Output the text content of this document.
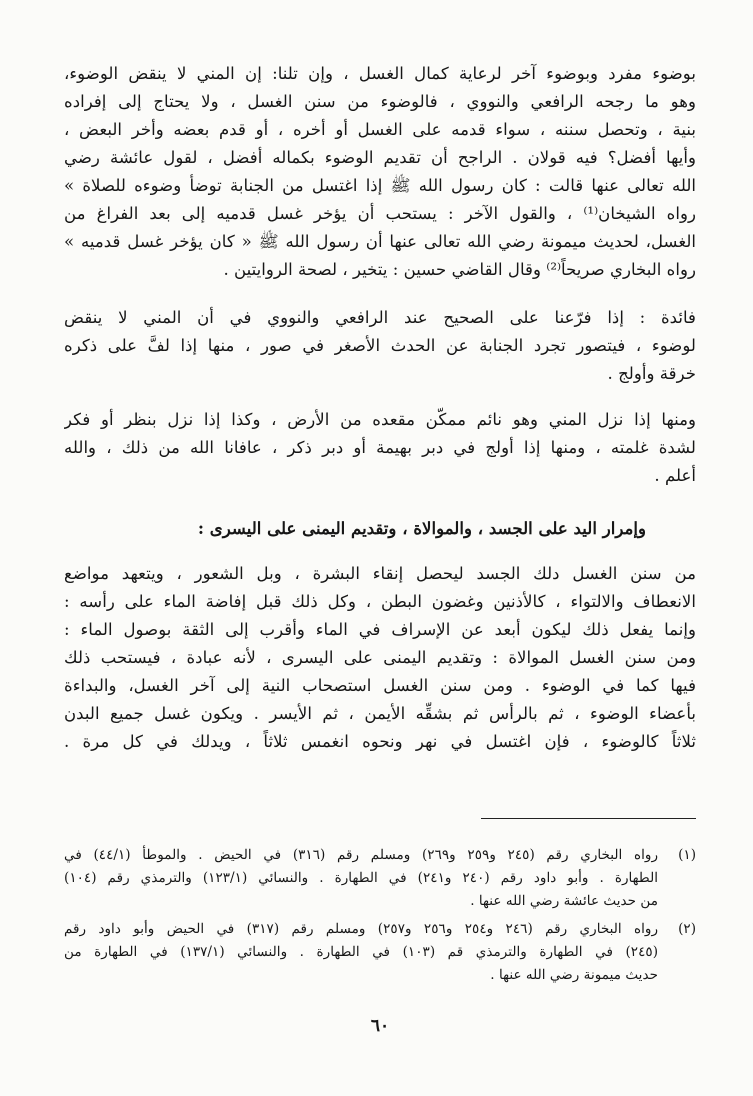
بوضوء مفرد وبوضوء آخر لرعاية كمال الغسل ، وإن تلنا: إن المني لا ينقض الوضوء،
وهو ما رجحه الرافعي والنووي ، فالوضوء من سنن الغسل ، ولا يحتاج إلى إفراده
بنية ، وتحصل سننه ، سواء قدمه على الغسل أو أخره ، أو قدم بعضه وأخر البعض ،
وأيها أفضل؟ فيه قولان . الراجح أن تقديم الوضوء بكماله أفضل ، لقول عائشة رضي
الله تعالى عنها قالت : كان رسول الله ﷺ إذا اغتسل من الجنابة توضأ وضوءه للصلاة »
رواه الشيخان⁽¹⁾ ، والقول الآخر : يستحب أن يؤخر غسل قدميه إلى بعد الفراغ من
الغسل، لحديث ميمونة رضي الله تعالى عنها أن رسول الله ﷺ « كان يؤخر غسل قدميه »
رواه البخاري صريحاً⁽²⁾ وقال القاضي حسين : يتخير ، لصحة الروايتين .
فائدة : إذا فرّعنا على الصحيح عند الرافعي والنووي في أن المني لا ينقض
لوضوء ، فيتصور تجرد الجنابة عن الحدث الأصغر في صور ، منها إذا لفَّ على ذكره
خرقة وأولج .
ومنها إذا نزل المني وهو نائم ممكّن مقعده من الأرض ، وكذا إذا نزل بنظر أو فكر
لشدة غلمته ، ومنها إذا أولج في دبر بهيمة أو دبر ذكر ، عافانا الله من ذلك ، والله
أعلم .
وإمرار اليد على الجسد ، والموالاة ، وتقديم اليمنى على اليسرى :
من سنن الغسل دلك الجسد ليحصل إنقاء البشرة ، وبل الشعور ، ويتعهد مواضع
الانعطاف والالتواء ، كالأذنين وغضون البطن ، وكل ذلك قبل إفاضة الماء على رأسه :
وإنما يفعل ذلك ليكون أبعد عن الإسراف في الماء وأقرب إلى الثقة بوصول الماء :
ومن سنن الغسل الموالاة : وتقديم اليمنى على اليسرى ، لأنه عبادة ، فيستحب ذلك
فيها كما في الوضوء . ومن سنن الغسل استصحاب النية إلى آخر الغسل، والبداءة
بأعضاء الوضوء ، ثم بالرأس ثم بشقِّه الأيمن ، ثم الأيسر . ويكون غسل جميع البدن
ثلاثاً كالوضوء ، فإن اغتسل في نهر ونحوه انغمس ثلاثاً ، ويدلك في كل مرة .
(١)
رواه البخاري رقم (٢٤٥ و٢٥٩ و٢٦٩) ومسلم رقم (٣١٦) في الحيض . والموطأ (٤٤/١) في
الطهارة . وأبو داود رقم (٢٤٠ و٢٤١) في الطهارة . والنسائي (١٢٣/١) والترمذي رقم (١٠٤)
من حديث عائشة رضي الله عنها .
(٢)
رواه البخاري رقم (٢٤٦ و٢٥٤ و٢٥٦ و٢٥٧) ومسلم رقم (٣١٧) في الحيض وأبو داود رقم
(٢٤٥) في الطهارة والترمذي قم (١٠٣) في الطهارة . والنسائي (١٣٧/١) في الطهارة من
حديث ميمونة رضي الله عنها .
٦٠
